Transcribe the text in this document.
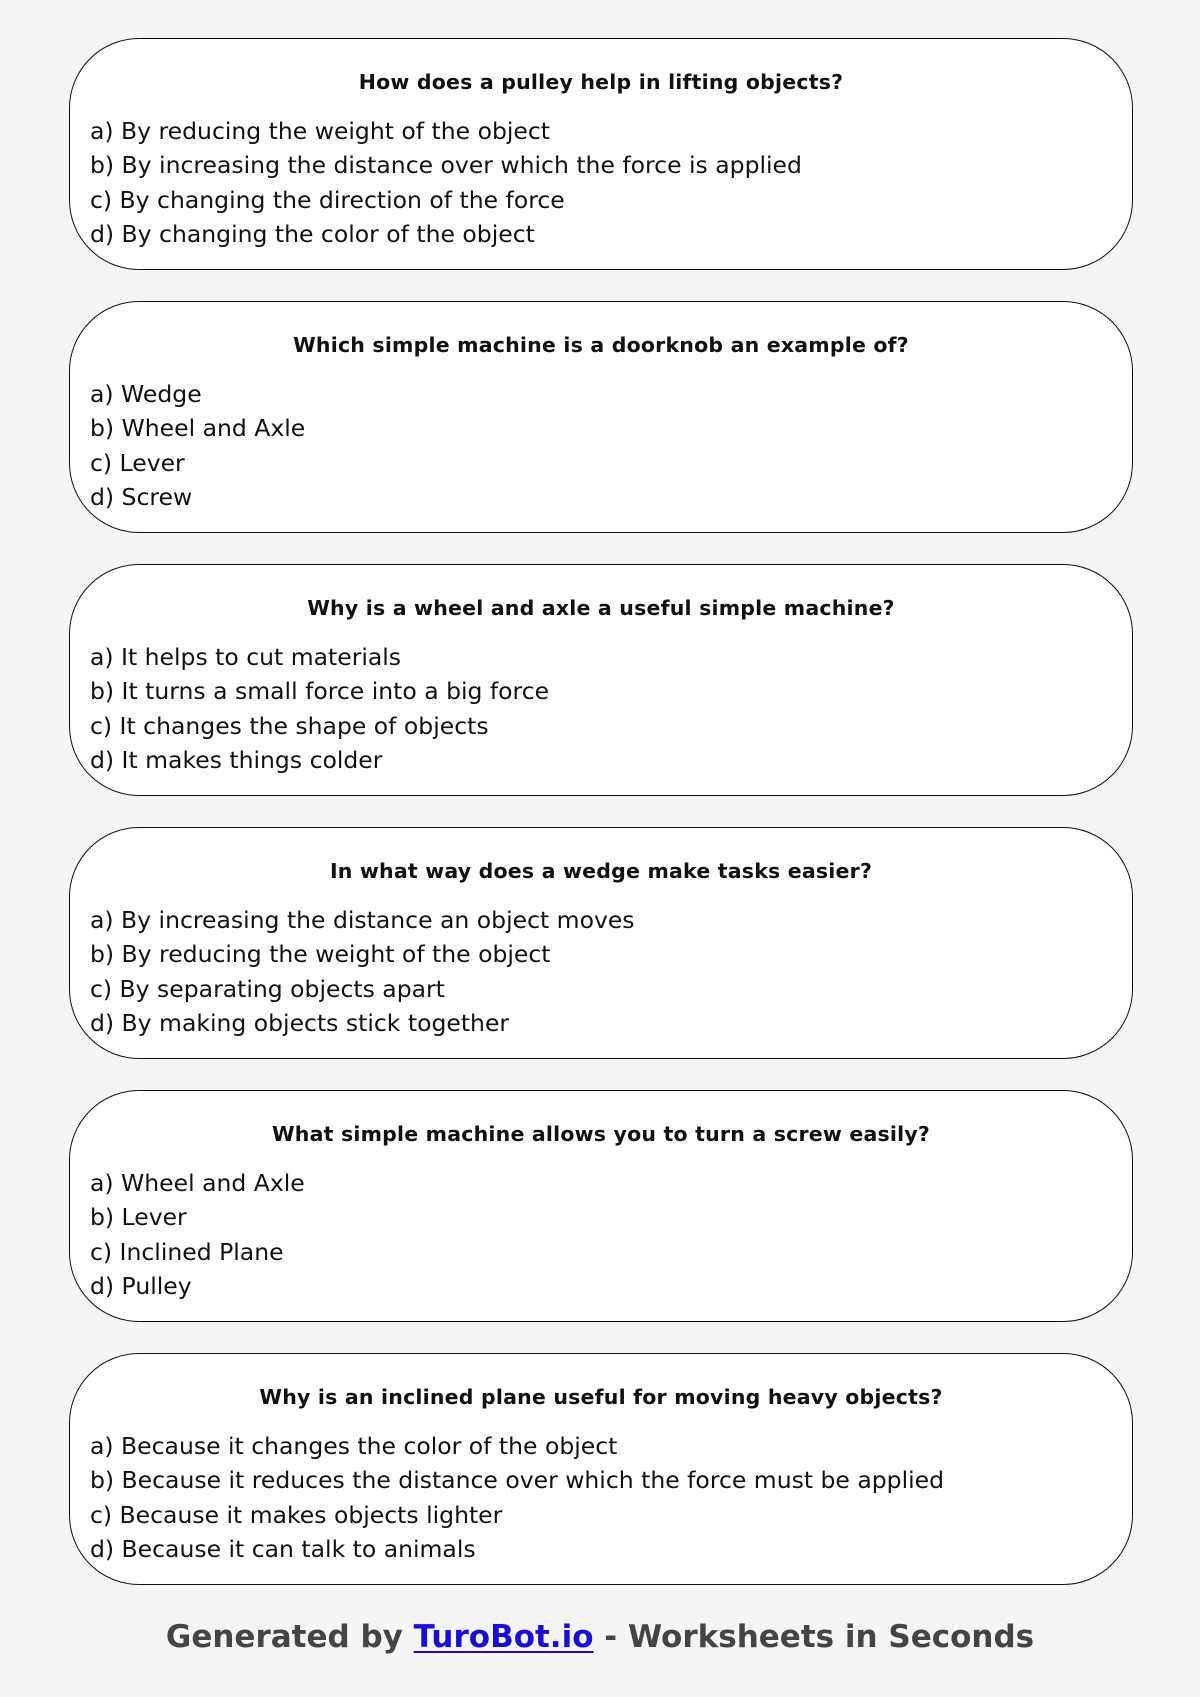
How does a pulley help in lifting objects?
a) By reducing the weight of the object
b) By increasing the distance over which the force is applied
c) By changing the direction of the force
d) By changing the color of the object
Which simple machine is a doorknob an example of?
a) Wedge
b) Wheel and Axle
c) Lever
d) Screw
Why is a wheel and axle a useful simple machine?
a) It helps to cut materials
b) It turns a small force into a big force
c) It changes the shape of objects
d) It makes things colder
In what way does a wedge make tasks easier?
a) By increasing the distance an object moves
b) By reducing the weight of the object
c) By separating objects apart
d) By making objects stick together
What simple machine allows you to turn a screw easily?
a) Wheel and Axle
b) Lever
c) Inclined Plane
d) Pulley
Why is an inclined plane useful for moving heavy objects?
a) Because it changes the color of the object
b) Because it reduces the distance over which the force must be applied
c) Because it makes objects lighter
d) Because it can talk to animals
Generated by TuroBot.io - Worksheets in Seconds
